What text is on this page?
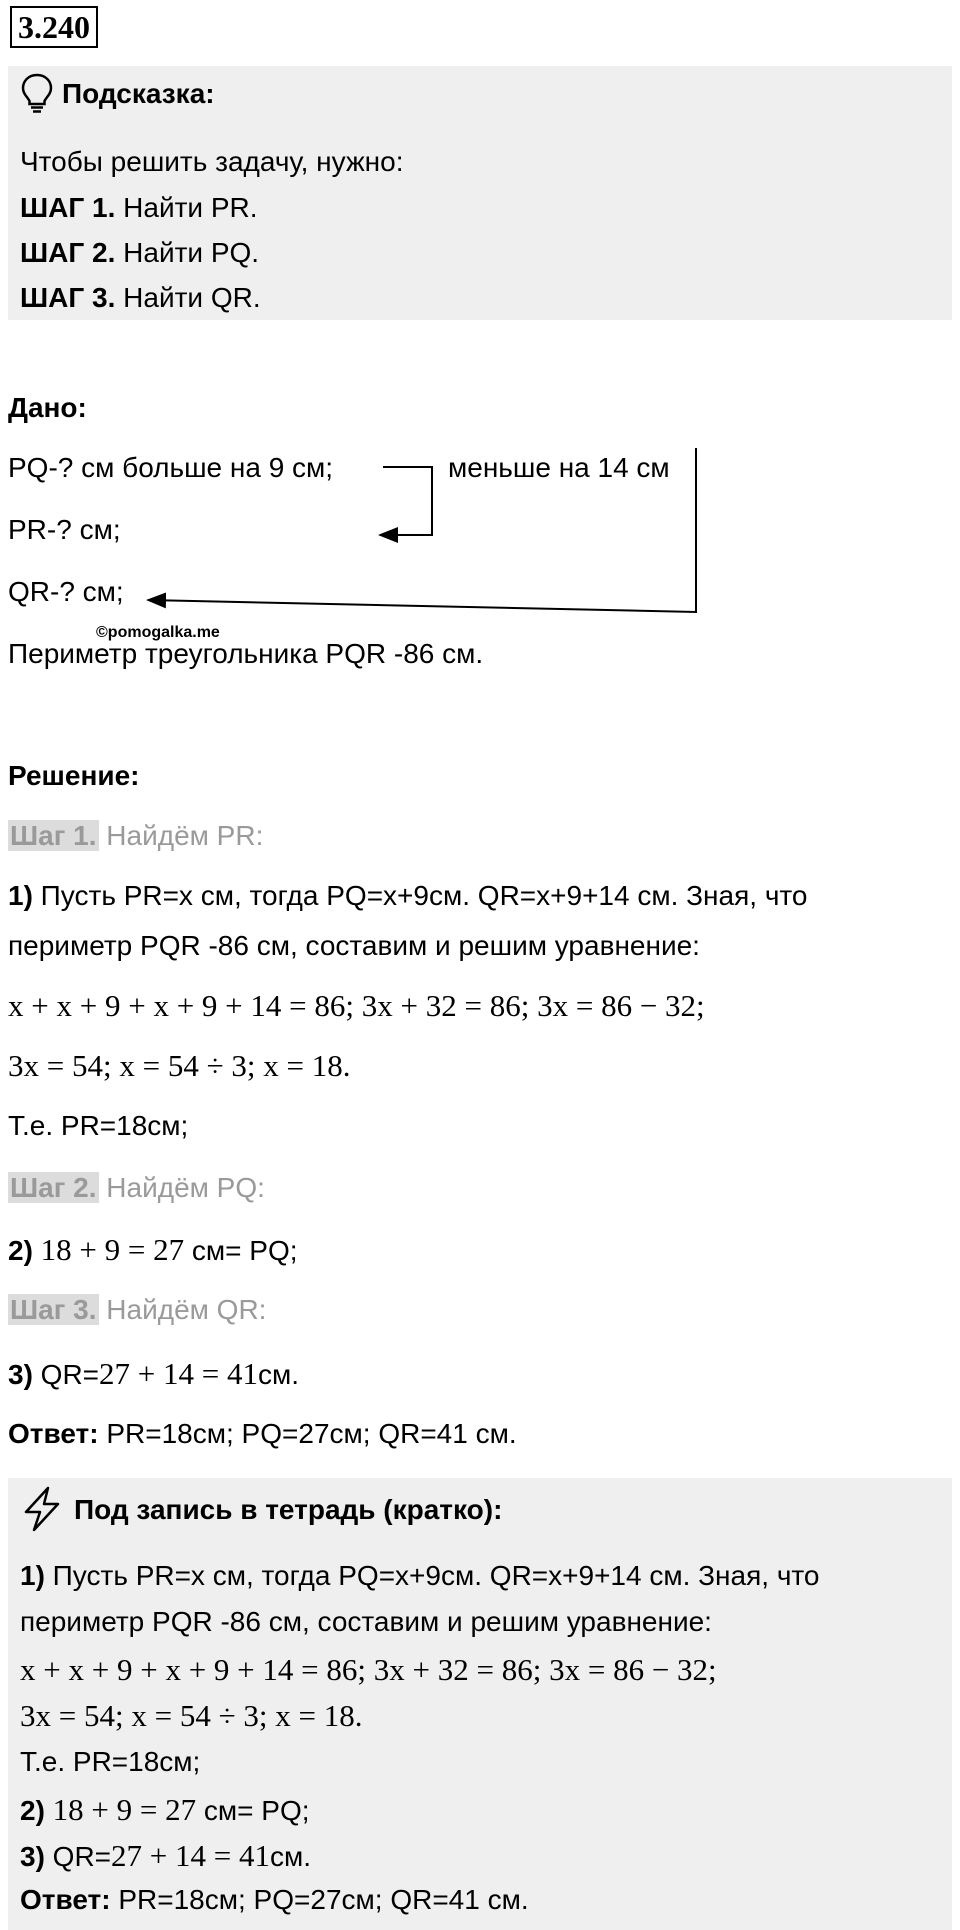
3.240
Подсказка:
Чтобы решить задачу, нужно:
ШАГ 1. Найти PR.
ШАГ 2. Найти PQ.
ШАГ 3. Найти QR.
Дано:
PQ-? см больше на 9 см;	меньше на 14 см
PR-? см;
QR-? см;
Периметр треугольника PQR -86 см.
©pomogalka.me
Решение:
Шаг 1. Найдём PR:
1) Пусть PR=x см, тогда PQ=x+9см. QR=x+9+14 см. Зная, что
периметр PQR -86 см, составим и решим уравнение:
x + x + 9 + x + 9 + 14 = 86; 3x + 32 = 86; 3x = 86 − 32;
3x = 54; x = 54 ÷ 3; x = 18.
Т.е. PR=18см;
Шаг 2. Найдём PQ:
2) 18 + 9 = 27 см= PQ;
Шаг 3. Найдём QR:
3) QR=27 + 14 = 41см.
Ответ: PR=18см; PQ=27см; QR=41 см.
Под запись в тетрадь (кратко):
1) Пусть PR=x см, тогда PQ=x+9см. QR=x+9+14 см. Зная, что
периметр PQR -86 см, составим и решим уравнение:
x + x + 9 + x + 9 + 14 = 86; 3x + 32 = 86; 3x = 86 − 32;
3x = 54; x = 54 ÷ 3; x = 18.
Т.е. PR=18см;
2) 18 + 9 = 27 см= PQ;
3) QR=27 + 14 = 41см.
Ответ: PR=18см; PQ=27см; QR=41 см.
